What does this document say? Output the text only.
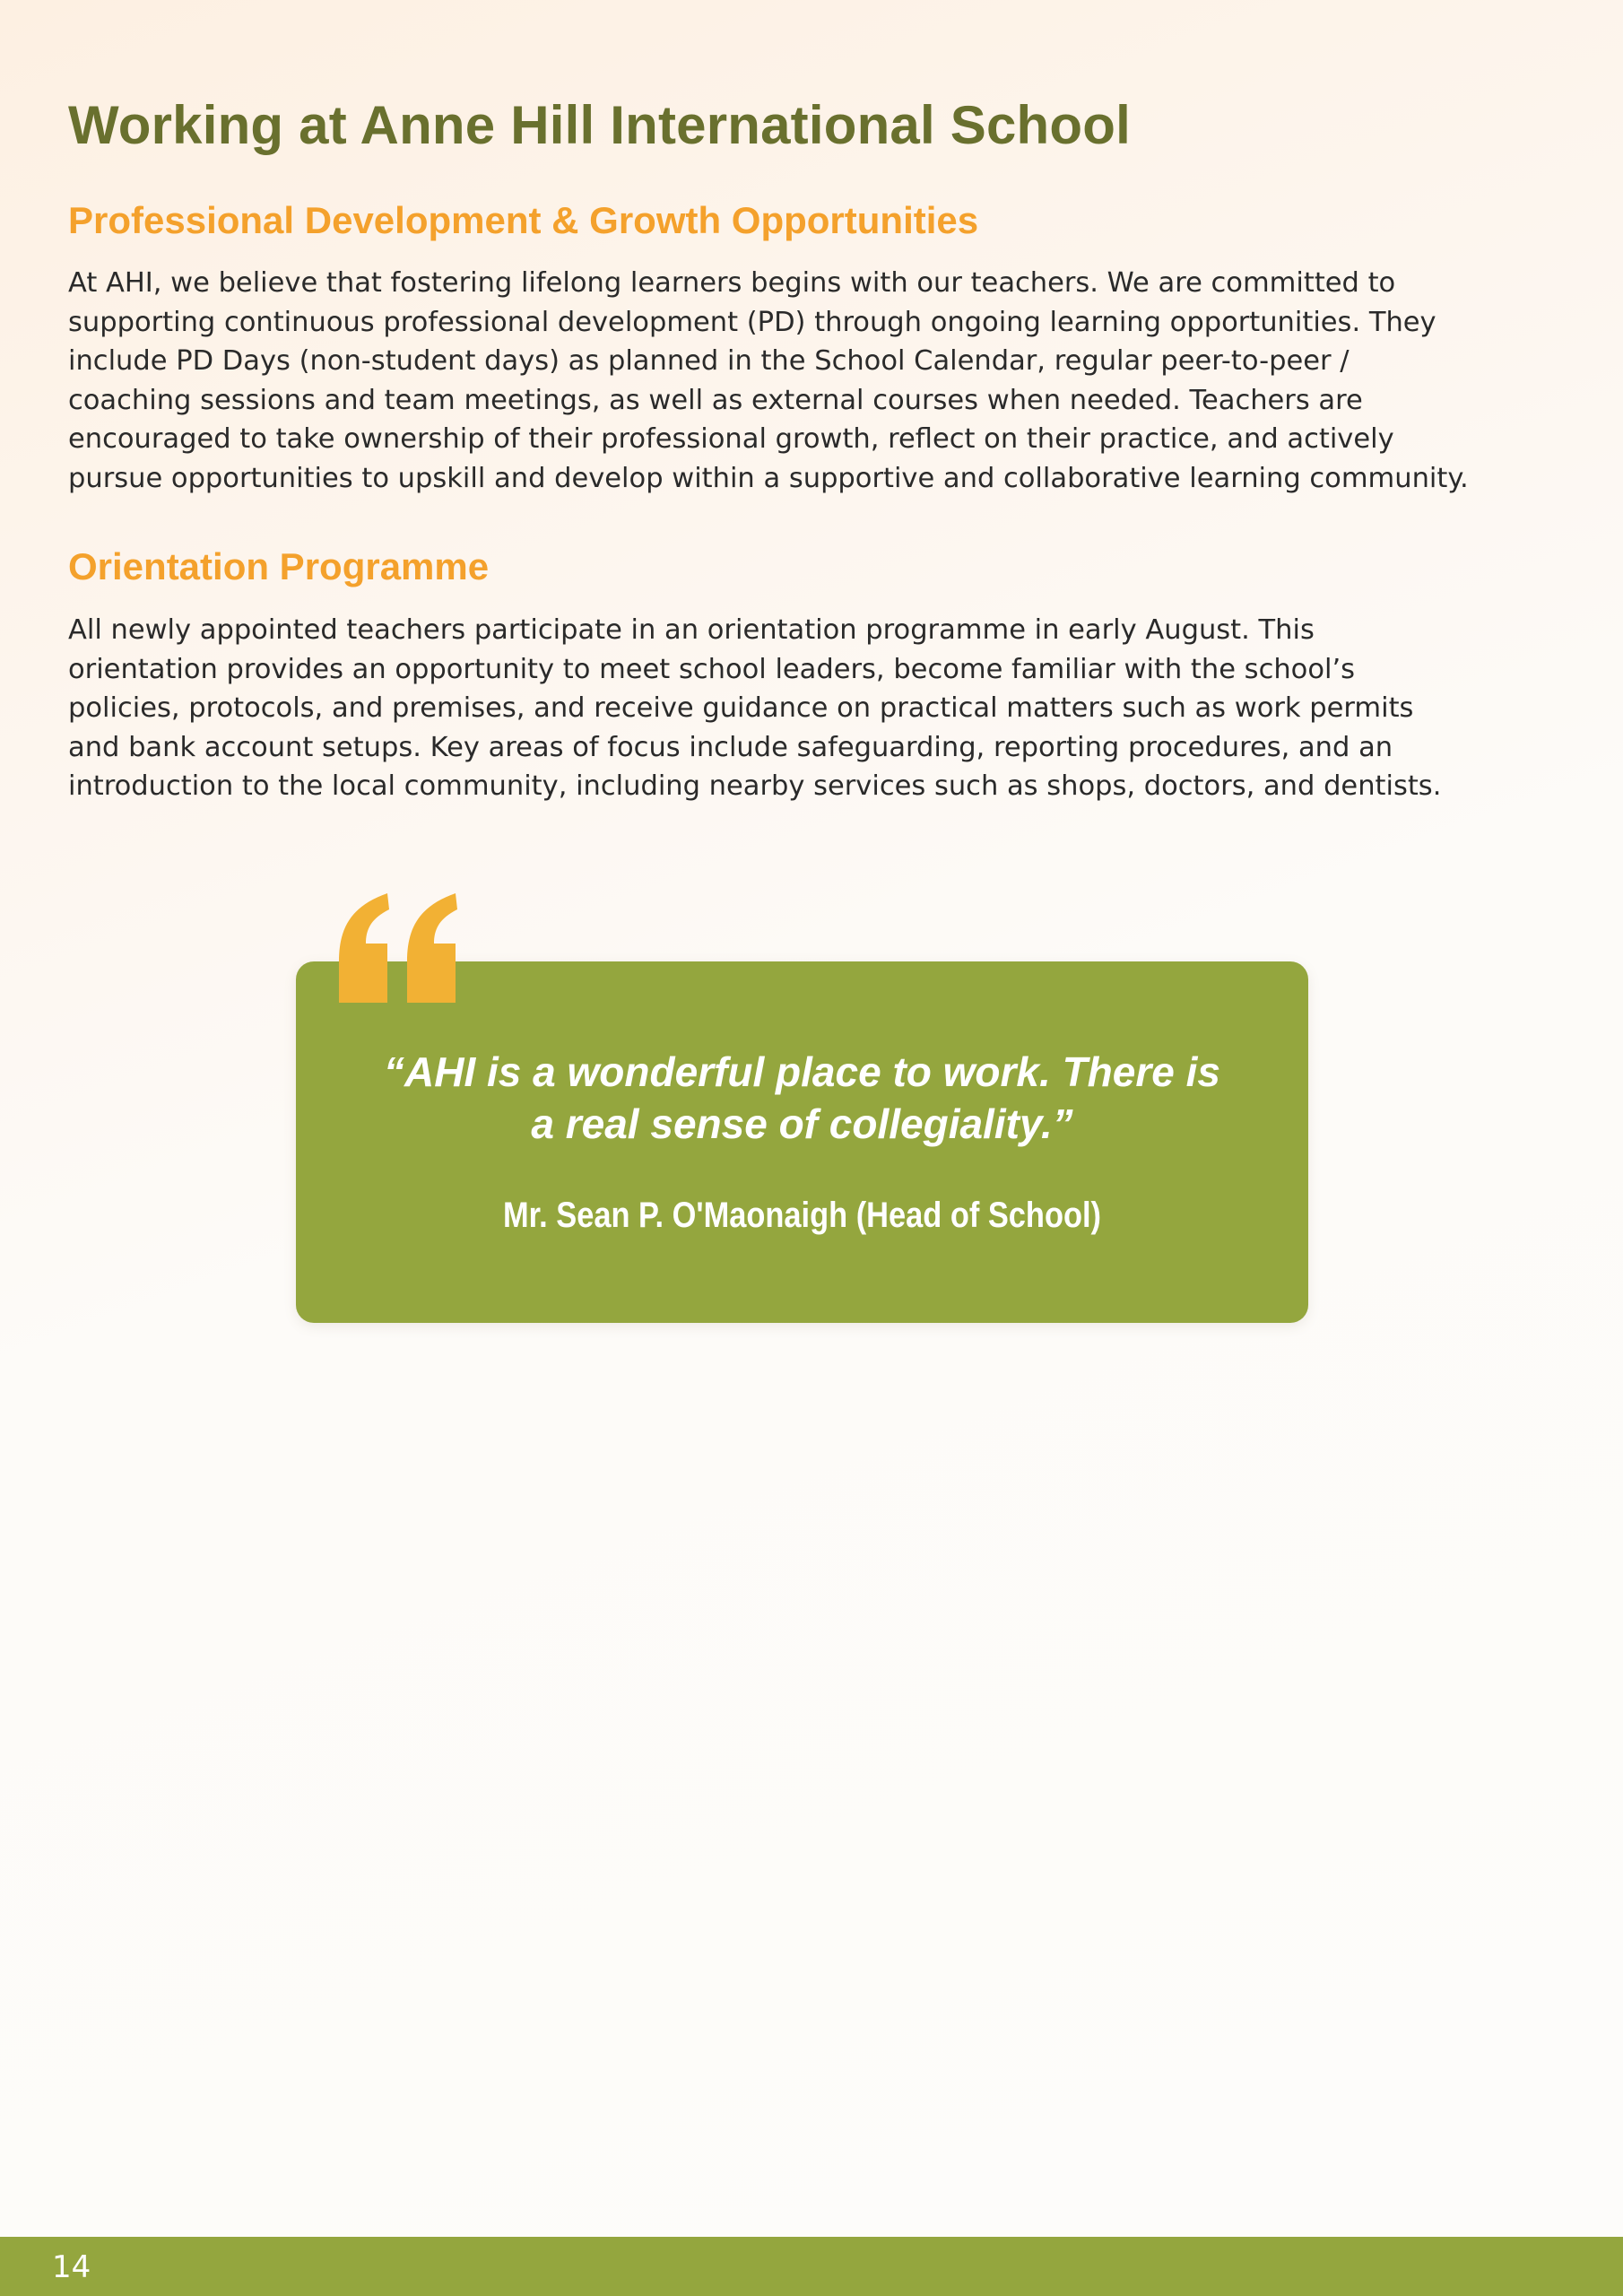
Working at Anne Hill International School
Professional Development & Growth Opportunities

At AHI, we believe that fostering lifelong learners begins with our teachers. We are committed to
supporting continuous professional development (PD) through ongoing learning opportunities. They
include PD Days (non-student days) as planned in the School Calendar, regular peer-to-peer /
coaching sessions and team meetings, as well as external courses when needed. Teachers are
encouraged to take ownership of their professional growth, reflect on their practice, and actively
pursue opportunities to upskill and develop within a supportive and collaborative learning community.

Orientation Programme

All newly appointed teachers participate in an orientation programme in early August. This
orientation provides an opportunity to meet school leaders, become familiar with the school’s
policies, protocols, and premises, and receive guidance on practical matters such as work permits
and bank account setups. Key areas of focus include safeguarding, reporting procedures, and an
introduction to the local community, including nearby services such as shops, doctors, and dentists.

“AHI is a wonderful place to work. There is
a real sense of collegiality.”
Mr. Sean P. O'Maonaigh (Head of School)
14
